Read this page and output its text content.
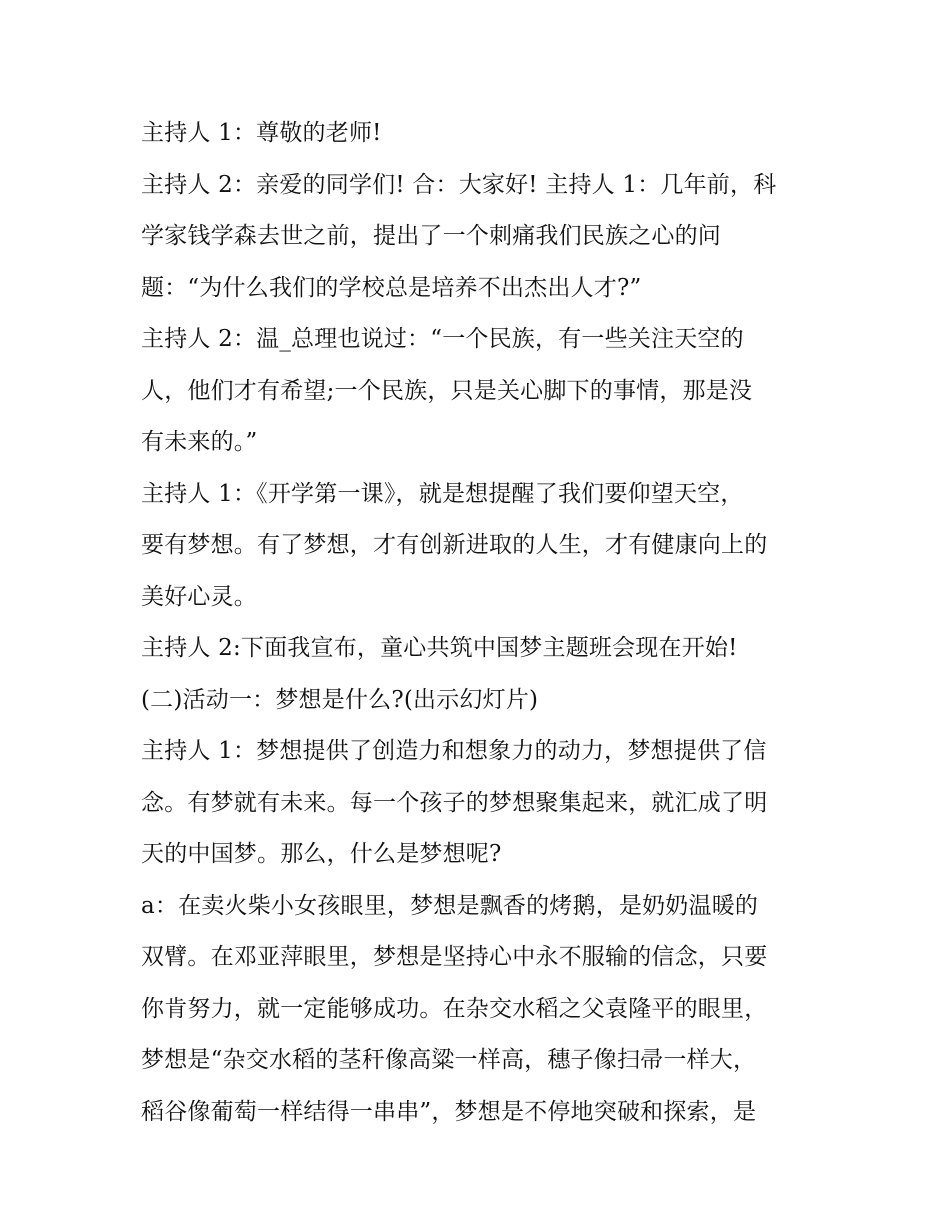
主持人 1：尊敬的老师!
主持人 2：亲爱的同学们! 合：大家好! 主持人 1：几年前，科
学家钱学森去世之前，提出了一个刺痛我们民族之心的问
题：“为什么我们的学校总是培养不出杰出人才?”
主持人 2：温_总理也说过：“一个民族，有一些关注天空的
人，他们才有希望;一个民族，只是关心脚下的事情，那是没
有未来的。”
主持人 1：《开学第一课》，就是想提醒了我们要仰望天空，
要有梦想。有了梦想，才有创新进取的人生，才有健康向上的
美好心灵。
主持人 2:下面我宣布，童心共筑中国梦主题班会现在开始!
(二)活动一：梦想是什么?(出示幻灯片)
主持人 1：梦想提供了创造力和想象力的动力，梦想提供了信
念。有梦就有未来。每一个孩子的梦想聚集起来，就汇成了明
天的中国梦。那么，什么是梦想呢?
a：在卖火柴小女孩眼里，梦想是飘香的烤鹅，是奶奶温暖的
双臂。在邓亚萍眼里，梦想是坚持心中永不服输的信念，只要
你肯努力，就一定能够成功。在杂交水稻之父袁隆平的眼里，
梦想是“杂交水稻的茎秆像高粱一样高，穗子像扫帚一样大，
稻谷像葡萄一样结得一串串”，梦想是不停地突破和探索，是
